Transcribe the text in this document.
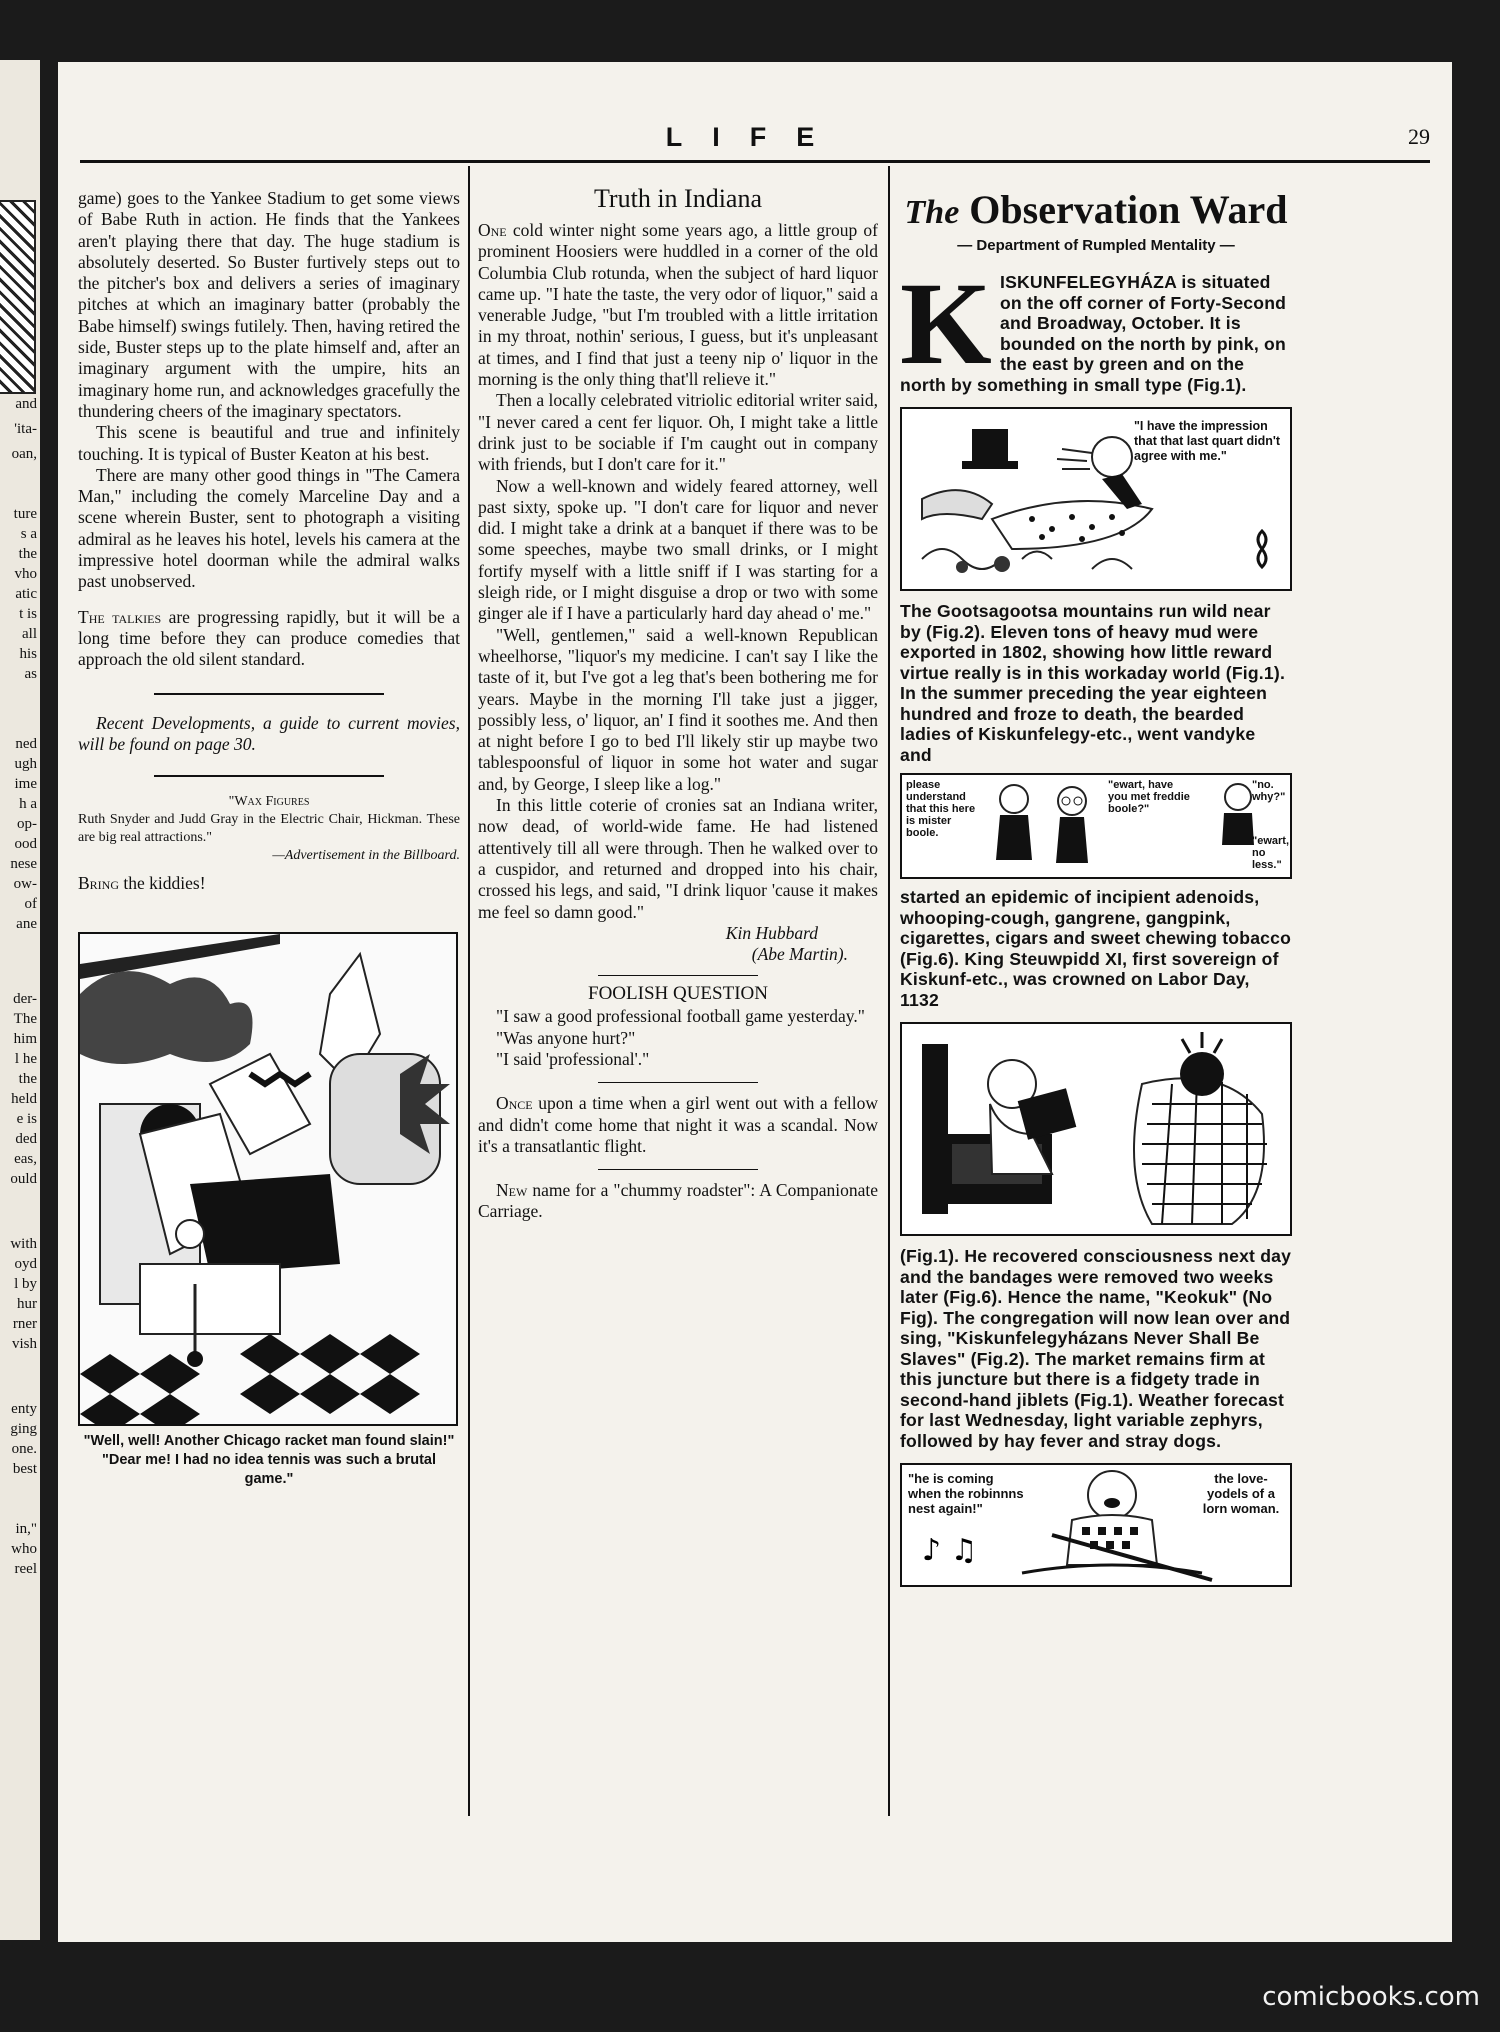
and
'ita-
oan,
ture
s a
the
vho
atic
t is
all
his
as
ned
ugh
ime
h a
op-
ood
nese
ow-
of
ane
der-
The
him
l he
the
held
e is
ded
eas,
ould
with
oyd
l by
hur
rner
vish
enty
ging
one.
best
in,"
who
reel
LIFE	29

game) goes to the Yankee Stadium to get some views of Babe Ruth in action. He finds that the Yankees aren't playing there that day. The huge stadium is absolutely deserted. So Buster furtively steps out to the pitcher's box and delivers a series of imaginary pitches at which an imaginary batter (probably the Babe himself) swings futilely. Then, having retired the side, Buster steps up to the plate himself and, after an imaginary argument with the umpire, hits an imaginary home run, and acknowledges gracefully the thundering cheers of the imaginary spectators.

This scene is beautiful and true and infinitely touching. It is typical of Buster Keaton at his best.

There are many other good things in "The Camera Man," including the comely Marceline Day and a scene wherein Buster, sent to photograph a visiting admiral as he leaves his hotel, levels his camera at the impressive hotel doorman while the admiral walks past unobserved.

The talkies are progressing rapidly, but it will be a long time before they can produce comedies that approach the old silent standard.

Recent Developments, a guide to current movies, will be found on page 30.

"Wax Figures

Ruth Snyder and Judd Gray in the Electric Chair, Hickman. These are big real attractions."

—Advertisement in the Billboard.

Bring the kiddies!

"Well, well! Another Chicago racket man found slain!"

"Dear me! I had no idea tennis was such a brutal game."

Truth in Indiana

One cold winter night some years ago, a little group of prominent Hoosiers were huddled in a corner of the old Columbia Club rotunda, when the subject of hard liquor came up. "I hate the taste, the very odor of liquor," said a venerable Judge, "but I'm troubled with a little irritation in my throat, nothin' serious, I guess, but it's unpleasant at times, and I find that just a teeny nip o' liquor in the morning is the only thing that'll relieve it."

Then a locally celebrated vitriolic editorial writer said, "I never cared a cent fer liquor. Oh, I might take a little drink just to be sociable if I'm caught out in company with friends, but I don't care for it."

Now a well-known and widely feared attorney, well past sixty, spoke up. "I don't care for liquor and never did. I might take a drink at a banquet if there was to be some speeches, maybe two small drinks, or I might fortify myself with a little sniff if I was starting for a sleigh ride, or I might disguise a drop or two with some ginger ale if I have a particularly hard day ahead o' me."

"Well, gentlemen," said a well-known Republican wheelhorse, "liquor's my medicine. I can't say I like the taste of it, but I've got a leg that's been bothering me for years. Maybe in the morning I'll take just a jigger, possibly less, o' liquor, an' I find it soothes me. And then at night before I go to bed I'll likely stir up maybe two tablespoonsful of liquor in some hot water and sugar and, by George, I sleep like a log."

In this little coterie of cronies sat an Indiana writer, now dead, of world-wide fame. He had listened attentively till all were through. Then he walked over to a cuspidor, and returned and dropped into his chair, crossed his legs, and said, "I drink liquor 'cause it makes me feel so damn good."

Kin Hubbard

(Abe Martin).

FOOLISH QUESTION

"I saw a good professional football game yesterday."

"Was anyone hurt?"

"I said 'professional'."

Once upon a time when a girl went out with a fellow and didn't come home that night it was a scandal. Now it's a transatlantic flight.

New name for a "chummy roadster": A Companionate Carriage.

The Observation Ward

— Department of Rumpled Mentality —

KISKUNFELEGYHÁZA is situated on the off corner of Forty-Second and Broadway, October. It is bounded on the north by pink, on the east by green and on the north by something in small type (Fig.1).

"I have the impression that that last quart didn't agree with me."

The Gootsagootsa mountains run wild near by (Fig.2). Eleven tons of heavy mud were exported in 1802, showing how little reward virtue really is in this workaday world (Fig.1). In the summer preceding the year eighteen hundred and froze to death, the bearded ladies of Kiskunfelegy-etc., went vandyke and

please understand that this here is mister boole.

"ewart, have you met freddie boole?"

"no. why?"

"ewart, no less."

started an epidemic of incipient adenoids, whooping-cough, gangrene, gangpink, cigarettes, cigars and sweet chewing tobacco (Fig.6). King Steuwpidd XI, first sovereign of Kiskunf-etc., was crowned on Labor Day, 1132

(Fig.1). He recovered consciousness next day and the bandages were removed two weeks later (Fig.6). Hence the name, "Keokuk" (No Fig). The congregation will now lean over and sing, "Kiskunfelegyházans Never Shall Be Slaves" (Fig.2). The market remains firm at this juncture but there is a fidgety trade in second-hand jiblets (Fig.1). Weather forecast for last Wednesday, light variable zephyrs, followed by hay fever and stray dogs.

♪ ♫

"he is coming when the robinnns nest again!"

the love-yodels of a lorn woman.

comicbooks.com
